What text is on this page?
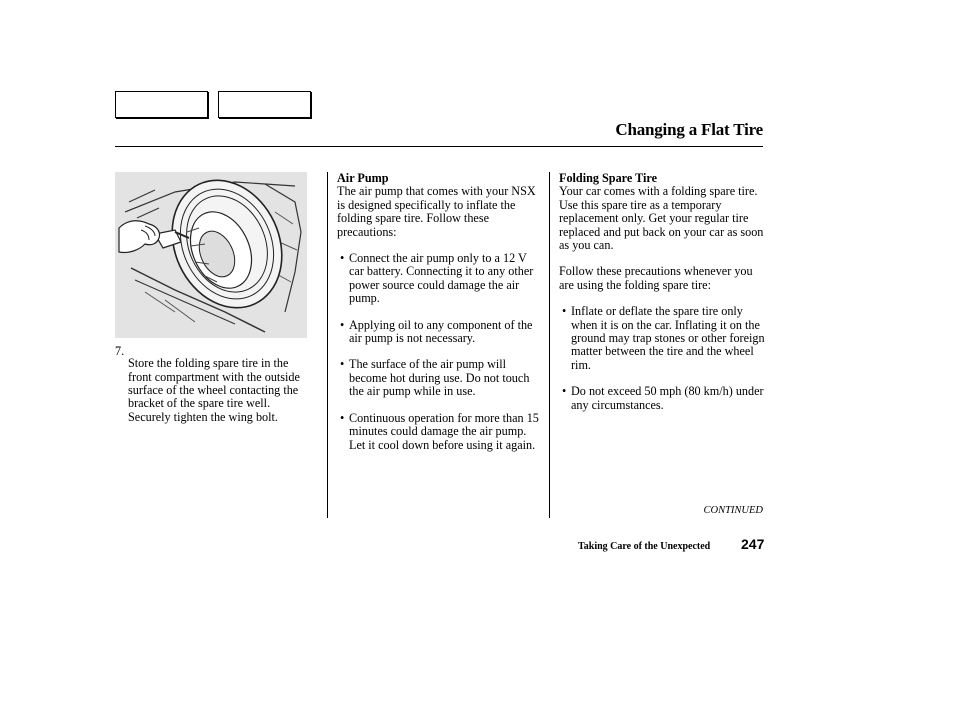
Changing a Flat Tire
7.

Store the folding spare tire in the front compartment with the outside surface of the wheel contacting the bracket of the spare tire well. Securely tighten the wing bolt.

Air Pump

The air pump that comes with your NSX is designed specifically to inflate the folding spare tire. Follow these precautions:

• Connect the air pump only to a 12 V car battery. Connecting it to any other power source could damage the air pump.

• Applying oil to any component of the air pump is not necessary.

• The surface of the air pump will become hot during use. Do not touch the air pump while in use.

• Continuous operation for more than 15 minutes could damage the air pump. Let it cool down before using it again.

Folding Spare Tire

Your car comes with a folding spare tire. Use this spare tire as a temporary replacement only. Get your regular tire replaced and put back on your car as soon as you can.

Follow these precautions whenever you are using the folding spare tire:

• Inflate or deflate the spare tire only when it is on the car. Inflating it on the ground may trap stones or other foreign matter between the tire and the wheel rim.

• Do not exceed 50 mph (80 km/h) under any circumstances.

CONTINUED
Taking Care of the Unexpected 247
